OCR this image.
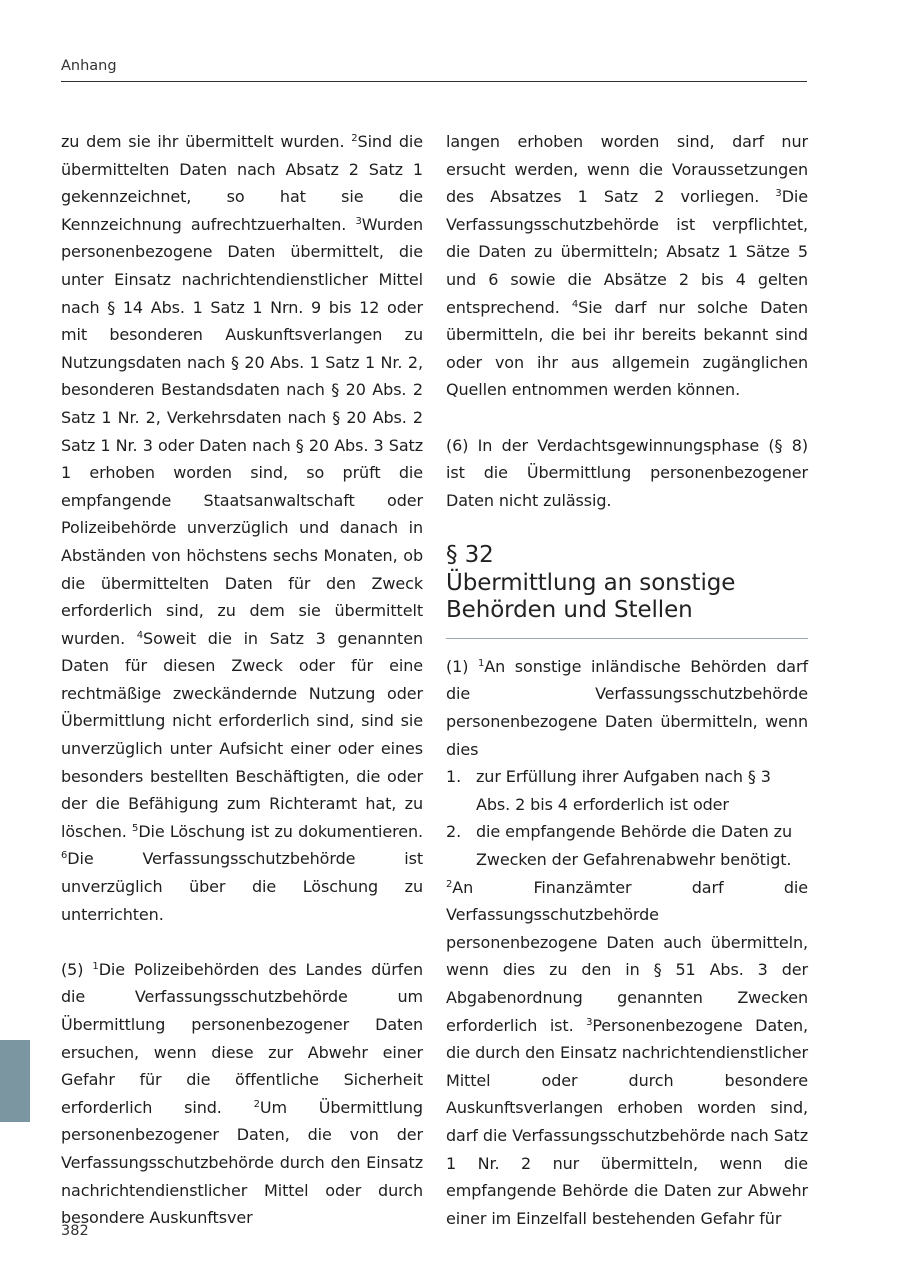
Anhang

zu dem sie ihr übermittelt wurden. $^2$Sind die übermittelten Daten nach Absatz 2 Satz 1 gekennzeichnet, so hat sie die Kennzeichnung aufrechtzuerhalten. $^3$Wurden personenbezogene Daten übermittelt, die unter Einsatz nachrichtendienstlicher Mittel nach § 14 Abs. 1 Satz 1 Nrn. 9 bis 12 oder mit besonderen Auskunftsverlangen zu Nutzungsdaten nach § 20 Abs. 1 Satz 1 Nr. 2, besonderen Bestandsdaten nach § 20 Abs. 2 Satz 1 Nr. 2, Verkehrsdaten nach § 20 Abs. 2 Satz 1 Nr. 3 oder Daten nach § 20 Abs. 3 Satz 1 erhoben worden sind, so prüft die empfangende Staatsanwaltschaft oder Polizeibehörde unverzüglich und danach in Abständen von höchstens sechs Monaten, ob die übermittelten Daten für den Zweck erforderlich sind, zu dem sie übermittelt wurden. $^4$Soweit die in Satz 3 genannten Daten für diesen Zweck oder für eine rechtmäßige zweckändernde Nutzung oder Übermittlung nicht erforderlich sind, sind sie unverzüglich unter Aufsicht einer oder eines besonders bestellten Beschäftigten, die oder der die Befähigung zum Richteramt hat, zu löschen. $^5$Die Löschung ist zu dokumentieren. $^6$Die Verfassungsschutzbehörde ist unverzüglich über die Löschung zu unterrichten.

(5) $^1$Die Polizeibehörden des Landes dürfen die Verfassungsschutzbehörde um Übermittlung personenbezogener Daten ersuchen, wenn diese zur Abwehr einer Gefahr für die öffentliche Sicherheit erforderlich sind. $^2$Um Übermittlung personenbezogener Daten, die von der Verfassungsschutzbehörde durch den Einsatz nachrichtendienstlicher Mittel oder durch besondere Auskunftsver

langen erhoben worden sind, darf nur ersucht werden, wenn die Voraussetzungen des Absatzes 1 Satz 2 vorliegen. $^3$Die Verfassungsschutzbehörde ist verpflichtet, die Daten zu übermitteln; Absatz 1 Sätze 5 und 6 sowie die Absätze 2 bis 4 gelten entsprechend. $^4$Sie darf nur solche Daten übermitteln, die bei ihr bereits bekannt sind oder von ihr aus allgemein zugänglichen Quellen entnommen werden können.

(6) In der Verdachtsgewinnungsphase (§ 8) ist die Übermittlung personenbezogener Daten nicht zulässig.

§ 32
Übermittlung an sonstige
Behörden und Stellen

(1) $^1$An sonstige inländische Behörden darf die Verfassungsschutzbehörde personenbezogene Daten übermitteln, wenn dies

1. zur Erfüllung ihrer Aufgaben nach § 3 Abs. 2 bis 4 erforderlich ist oder
2. die empfangende Behörde die Daten zu Zwecken der Gefahrenabwehr benötigt.

$^2$An Finanzämter darf die Verfassungsschutzbehörde personenbezogene Daten auch übermitteln, wenn dies zu den in § 51 Abs. 3 der Abgabenordnung genannten Zwecken erforderlich ist. $^3$Personenbezogene Daten, die durch den Einsatz nachrichtendienstlicher Mittel oder durch besondere Auskunftsverlangen erhoben worden sind, darf die Verfassungsschutzbehörde nach Satz 1 Nr. 2 nur übermitteln, wenn die empfangende Behörde die Daten zur Abwehr einer im Einzelfall bestehenden Gefahr für

382
